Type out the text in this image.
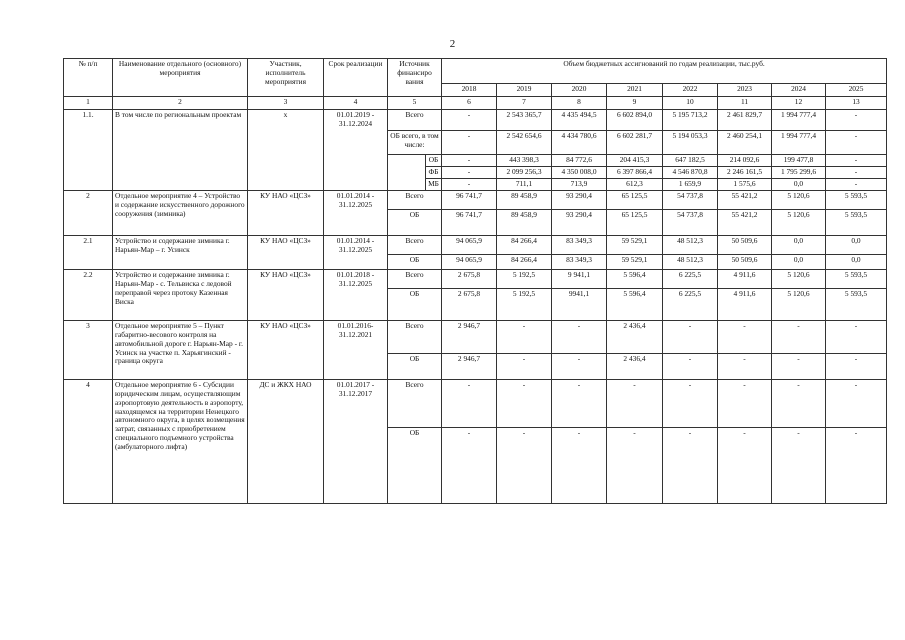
2
№ п/п	Наименование отдельного (основного) мероприятия	Участник, исполнитель мероприятия	Срок реализации	Источник финансиро вания		Объем бюджетных ассигнований по годам реализации, тыс.руб.							
						2018	2019	2020	2021	2022	2023	2024	2025
1	2	3	4	5		6	7	8	9	10	11	12	13
1.1.	В том числе по региональным проектам	х	01.01.2019 - 31.12.2024	Всего		-	2 543 365,7	4 435 494,5	6 602 894,0	5 195 713,2	2 461 829,7	1 994 777,4	-
				ОБ всего, в том числе:		-	2 542 654,6	4 434 780,6	6 602 281,7	5 194 053,3	2 460 254,1	1 994 777,4	-
					ОБ	-	443 398,3	84 772,6	204 415,3	647 182,5	214 092,6	199 477,8	-
					ФБ	-	2 099 256,3	4 350 008,0	6 397 866,4	4 546 870,8	2 246 161,5	1 795 299,6	-
					МБ	-	711,1	713,9	612,3	1 659,9	1 575,6	0,0	-
2	Отдельное мероприятие 4 – Устройство и содержание искусственного дорожного сооружения (зимника)	КУ НАО «ЦСЗ»	01.01.2014 - 31.12.2025	Всего		96 741,7	89 458,9	93 290,4	65 125,5	54 737,8	55 421,2	5 120,6	5 593,5
				ОБ		96 741,7	89 458,9	93 290,4	65 125,5	54 737,8	55 421,2	5 120,6	5 593,5
2.1	Устройство и содержание зимника г. Нарьян-Мар – г. Усинск	КУ НАО «ЦСЗ»	01.01.2014 - 31.12.2025	Всего		94 065,9	84 266,4	83 349,3	59 529,1	48 512,3	50 509,6	0,0	0,0
				ОБ		94 065,9	84 266,4	83 349,3	59 529,1	48 512,3	50 509,6	0,0	0,0
2.2	Устройство и содержание зимника г. Нарьян-Мар - с. Тельвиска с ледовой переправой через протоку Казенная Виска	КУ НАО «ЦСЗ»	01.01.2018 - 31.12.2025	Всего		2 675,8	5 192,5	9 941,1	5 596,4	6 225,5	4 911,6	5 120,6	5 593,5
				ОБ		2 675,8	5 192,5	9941,1	5 596,4	6 225,5	4 911,6	5 120,6	5 593,5
3	Отдельное мероприятие 5 – Пункт габаритно-весового контроля на автомобильной дороге г. Нарьян-Мар - г. Усинск на участке п. Харьягинский - граница округа	КУ НАО «ЦСЗ»	01.01.2016- 31.12.2021	Всего		2 946,7	-	-	2 436,4	-	-	-	-
				ОБ		2 946,7	-	-	2 436,4	-	-	-	-
4	Отдельное мероприятие 6 - Субсидии юридическим лицам, осуществляющим аэропортовую деятельность в аэропорту, находящемся на территории Ненецкого автономного округа, в целях возмещения затрат, связанных с приобретением специального подъемного устройства (амбулаторного лифта)	ДС и ЖКХ НАО	01.01.2017 - 31.12.2017	Всего		-	-	-	-	-	-	-	-
				ОБ		-	-	-	-	-	-	-	-
